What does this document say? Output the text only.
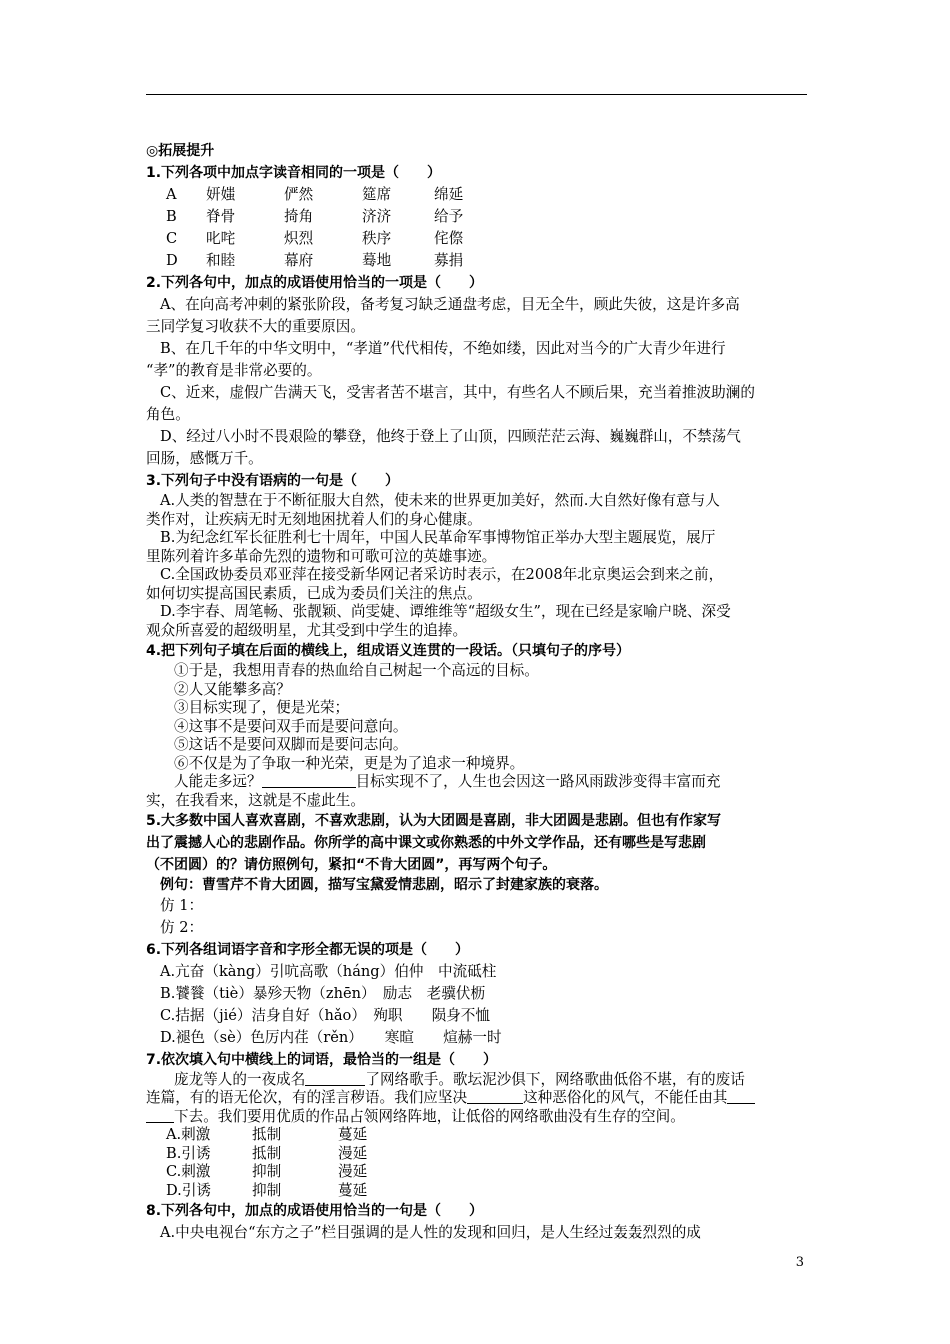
◎拓展提升
1.下列各项中加点字读音相同的一项是（　　）
A	妍媸	俨然	筵席	绵延
B	脊骨	掎角	济济	给予
C	叱咤	炽烈	秩序	侘傺
D	和睦	幕府	蓦地	募捐
2.下列各句中，加点的成语使用恰当的一项是（　　）
A、在向高考冲刺的紧张阶段，备考复习缺乏通盘考虑，目无全牛，顾此失彼，这是许多高
三同学复习收获不大的重要原因。
B、在几千年的中华文明中，“孝道”代代相传，不绝如缕，因此对当今的广大青少年进行
“孝”的教育是非常必要的。
C、近来，虚假广告满天飞，受害者苦不堪言，其中，有些名人不顾后果，充当着推波助澜的
角色。
D、经过八小时不畏艰险的攀登，他终于登上了山顶，四顾茫茫云海、巍巍群山，不禁荡气
回肠，感慨万千。
3.下列句子中没有语病的一句是（　　）
A.人类的智慧在于不断征服大自然，使未来的世界更加美好，然而.大自然好像有意与人
类作对，让疾病无时无刻地困扰着人们的身心健康。
B.为纪念红军长征胜利七十周年，中国人民革命军事博物馆正举办大型主题展览，展厅
里陈列着许多革命先烈的遗物和可歌可泣的英雄事迹。
C.全国政协委员邓亚萍在接受新华网记者采访时表示，在2008年北京奥运会到来之前，
如何切实提高国民素质，已成为委员们关注的焦点。
D.李宇春、周笔畅、张靓颖、尚雯婕、谭维维等“超级女生”，现在已经是家喻户晓、深受
观众所喜爱的超级明星，尤其受到中学生的追捧。
4.把下列句子填在后面的横线上，组成语义连贯的一段话。（只填句子的序号）
①于是，我想用青春的热血给自己树起一个高远的目标。
②人又能攀多高？
③目标实现了，便是光荣；
④这事不是要问双手而是要问意向。
⑤这话不是要问双脚而是要问志向。
⑥不仅是为了争取一种光荣，更是为了追求一种境界。
人能走多远？	目标实现不了，人生也会因这一路风雨跋涉变得丰富而充
实，在我看来，这就是不虚此生。
5.大多数中国人喜欢喜剧，不喜欢悲剧，认为大团圆是喜剧，非大团圆是悲剧。但也有作家写
出了震撼人心的悲剧作品。你所学的高中课文或你熟悉的中外文学作品，还有哪些是写悲剧
（不团圆）的？请仿照例句，紧扣“不肯大团圆”，再写两个句子。
例句：曹雪芹不肯大团圆，描写宝黛爱情悲剧，昭示了封建家族的衰落。
仿 1：
仿 2：
6.下列各组词语字音和字形全都无误的项是（　　）
A.亢奋（kàng）引吭高歌（háng）伯仲　中流砥柱
B.饕餮（tiè）暴殄天物（zhēn）　励志　老骥伏枥
C.拮据（jié）洁身自好（hǎo）　殉职　　陨身不恤
D.褪色（sè）色厉内荏（rěn）　　寒暄　　煊赫一时
7.依次填入句中横线上的词语，最恰当的一组是（　　）
庞龙等人的一夜成名	了网络歌手。歌坛泥沙俱下，网络歌曲低俗不堪，有的废话
连篇，有的语无伦次，有的淫言秽语。我们应坚决	这种恶俗化的风气，不能任由其
下去。我们要用优质的作品占领网络阵地，让低俗的网络歌曲没有生存的空间。
A.刺激	抵制	蔓延
B.引诱	抵制	漫延
C.刺激	抑制	漫延
D.引诱	抑制	蔓延
8.下列各句中，加点的成语使用恰当的一句是（　　）
A.中央电视台“东方之子”栏目强调的是人性的发现和回归，是人生经过轰轰烈烈的成
3
